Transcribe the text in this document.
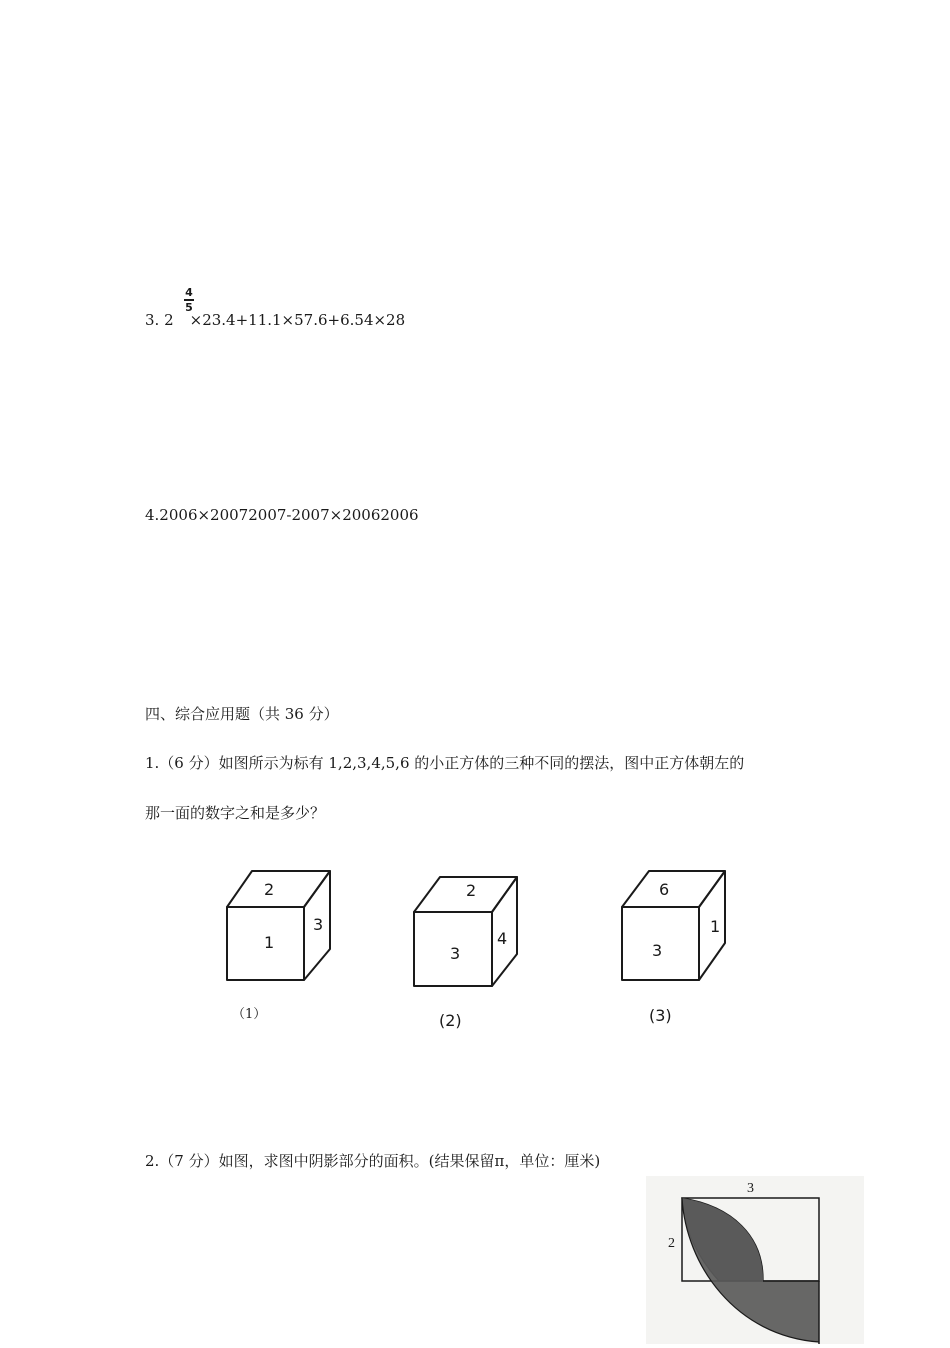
3. 2 ×23.4+11.1×57.6+6.54×28
4
5
4.2006×20072007-2007×20062006
四、综合应用题（共 36 分）
1.（6 分）如图所示为标有 1,2,3,4,5,6 的小正方体的三种不同的摆法，图中正方体朝左的
那一面的数字之和是多少？
2
1
3
（1）
2
3
4
(2)
6
3
1
(3)
2.（7 分）如图，求图中阴影部分的面积。(结果保留π，单位：厘米)
3
2
